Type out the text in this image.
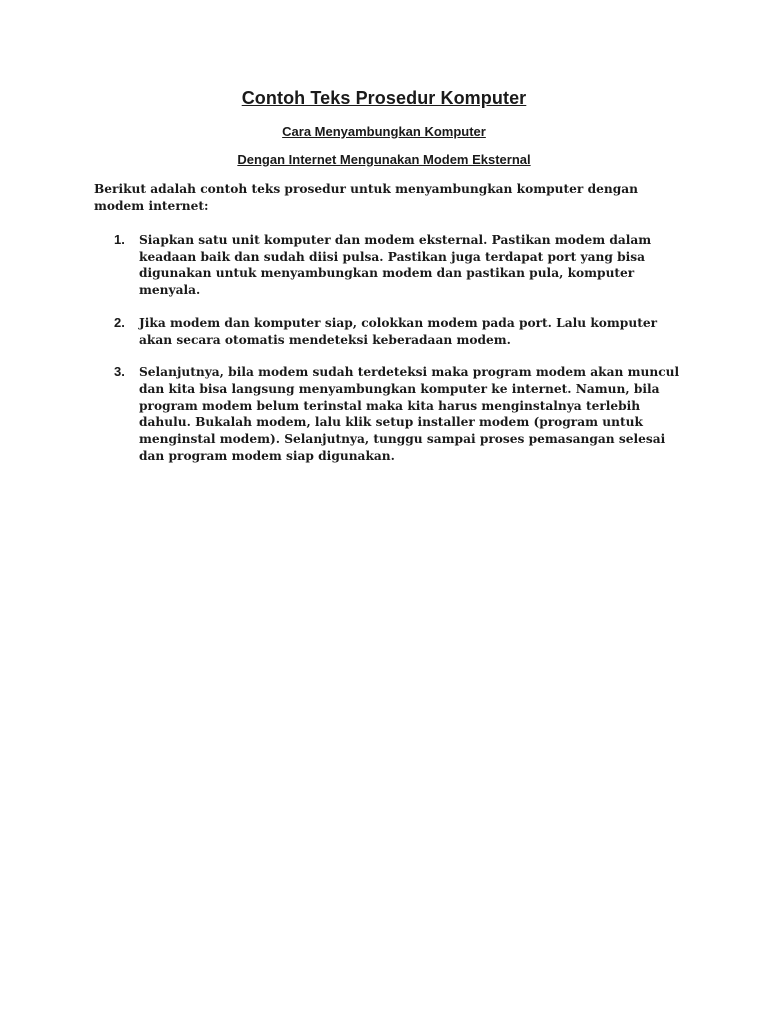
Contoh Teks Prosedur Komputer
Cara Menyambungkan Komputer
Dengan Internet Mengunakan Modem Eksternal

Berikut adalah contoh teks prosedur untuk menyambungkan komputer dengan modem internet:

1. Siapkan satu unit komputer dan modem eksternal. Pastikan modem dalam keadaan baik dan sudah diisi pulsa. Pastikan juga terdapat port yang bisa digunakan untuk menyambungkan modem dan pastikan pula, komputer menyala.
2. Jika modem dan komputer siap, colokkan modem pada port. Lalu komputer akan secara otomatis mendeteksi keberadaan modem.
3. Selanjutnya, bila modem sudah terdeteksi maka program modem akan muncul dan kita bisa langsung menyambungkan komputer ke internet. Namun, bila program modem belum terinstal maka kita harus menginstalnya terlebih dahulu. Bukalah modem, lalu klik setup installer modem (program untuk menginstal modem). Selanjutnya, tunggu sampai proses pemasangan selesai dan program modem siap digunakan.
